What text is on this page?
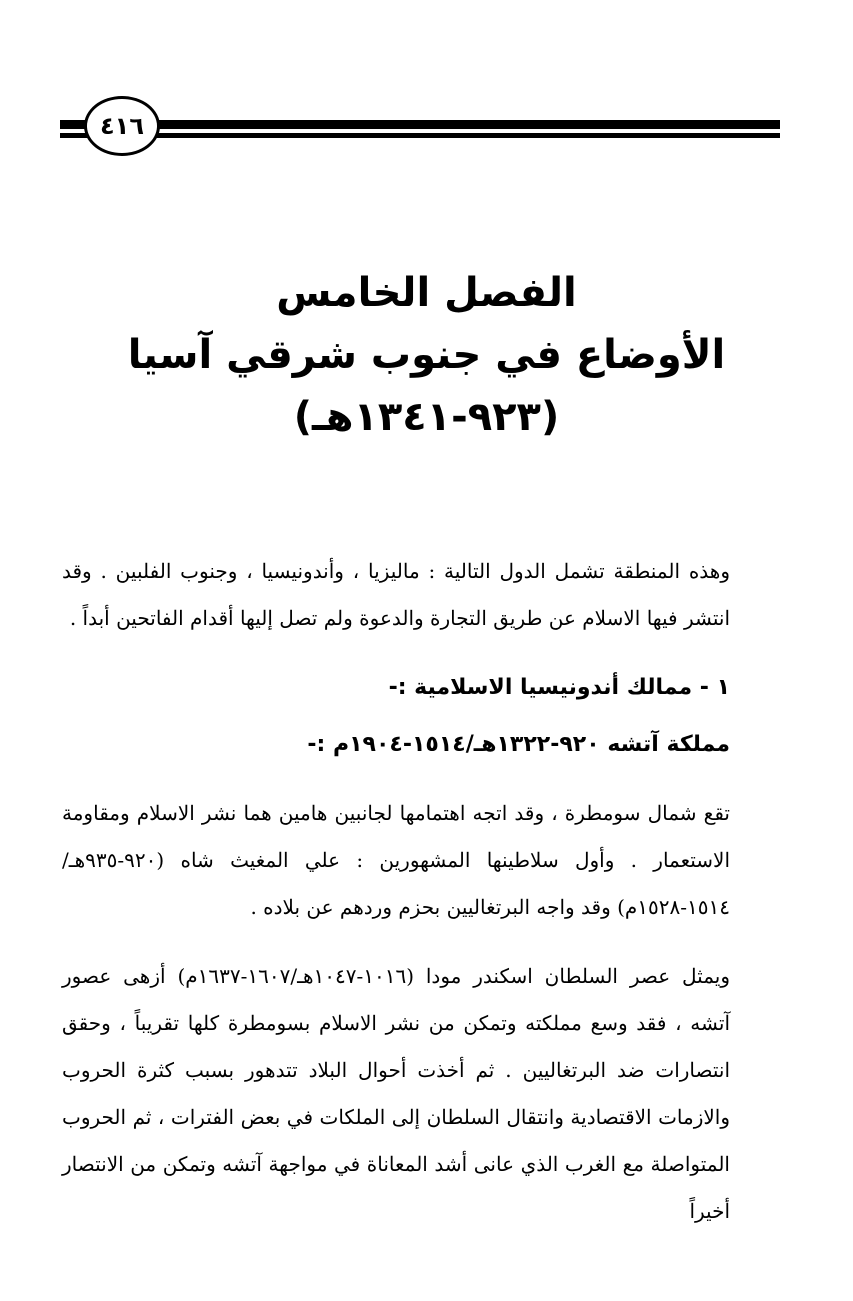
٤١٦

الفصل الخامس

الأوضاع في جنوب شرقي آسيا

(٩٢٣-١٣٤١هـ)

وهذه المنطقة تشمل الدول التالية : ماليزيا ، وأندونيسيا ، وجنوب الفلبين . وقد انتشر فيها الاسلام عن طريق التجارة والدعوة ولم تصل إليها أقدام الفاتحين أبداً .

١ - ممالك أندونيسيا الاسلامية :-

مملكة آتشه ٩٢٠-١٣٢٢هـ/١٥١٤-١٩٠٤م :-

تقع شمال سومطرة ، وقد اتجه اهتمامها لجانبين هامين هما نشر الاسلام ومقاومة الاستعمار . وأول سلاطينها المشهورين : علي المغيث شاه (٩٢٠-٩٣٥هـ/١٥١٤-١٥٢٨م) وقد واجه البرتغاليين بحزم وردهم عن بلاده .

ويمثل عصر السلطان اسكندر مودا (١٠١٦-١٠٤٧هـ/١٦٠٧-١٦٣٧م) أزهى عصور آتشه ، فقد وسع مملكته وتمكن من نشر الاسلام بسومطرة كلها تقريباً ، وحقق انتصارات ضد البرتغاليين . ثم أخذت أحوال البلاد تتدهور بسبب كثرة الحروب والازمات الاقتصادية وانتقال السلطان إلى الملكات في بعض الفترات ، ثم الحروب المتواصلة مع الغرب الذي عانى أشد المعاناة في مواجهة آتشه وتمكن من الانتصار أخيراً
